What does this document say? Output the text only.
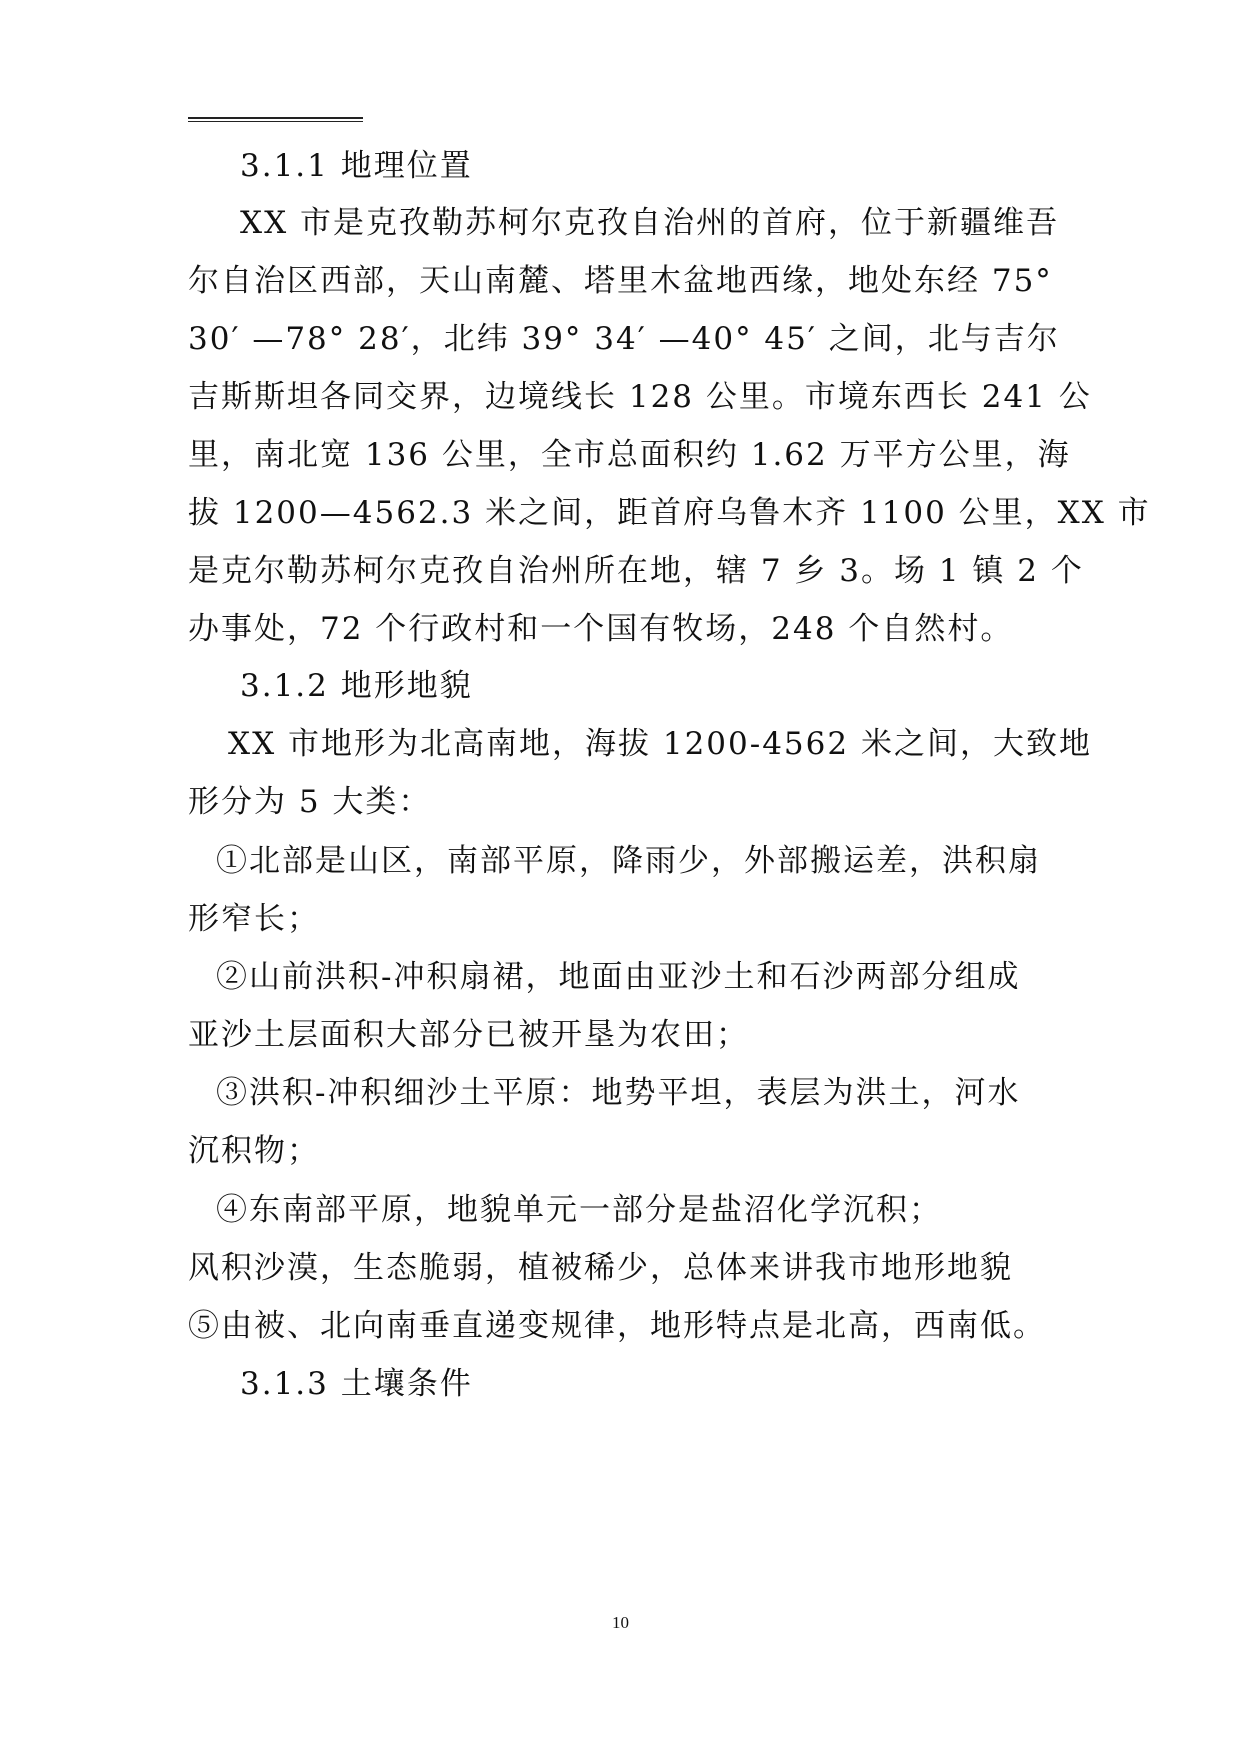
3.1.1 地理位置
XX 市是克孜勒苏柯尔克孜自治州的首府，位于新疆维吾
尔自治区西部，天山南麓、塔里木盆地西缘，地处东经 75°
30′ —78° 28′，北纬 39° 34′ —40° 45′ 之间，北与吉尔
吉斯斯坦各同交界，边境线长 128 公里。市境东西长 241 公
里，南北宽 136 公里，全市总面积约 1.62 万平方公里，海
拔 1200—4562.3 米之间，距首府乌鲁木齐 1100 公里，XX 市
是克尔勒苏柯尔克孜自治州所在地，辖 7 乡 3。场 1 镇 2 个
办事处，72 个行政村和一个国有牧场，248 个自然村。
3.1.2 地形地貌
XX 市地形为北高南地，海拔 1200-4562 米之间，大致地
形分为 5 大类：
①北部是山区，南部平原，降雨少，外部搬运差，洪积扇
形窄长；
②山前洪积-冲积扇裙，地面由亚沙土和石沙两部分组成
亚沙土层面积大部分已被开垦为农田；
③洪积-冲积细沙土平原：地势平坦，表层为洪土，河水
沉积物；
④东南部平原，地貌单元一部分是盐沼化学沉积；
风积沙漠，生态脆弱，植被稀少，总体来讲我市地形地貌
⑤由被、北向南垂直递变规律，地形特点是北高，西南低。
3.1.3 土壤条件
10
